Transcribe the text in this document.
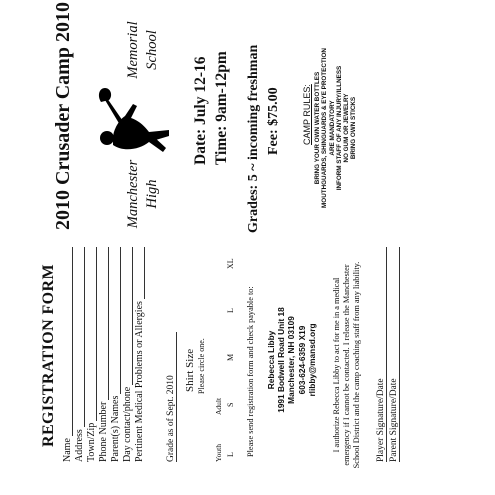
2010 Crusader Camp 2010	Manchester High
Memorial School
Date: July 12-16 Time: 9am-12pm Grades: 5 ~ incoming freshman Fee: $75.00 CAMP RULES: BRING YOUR OWN WATER BOTTLES MOUTHGUARDS, SHINGUARDS & EYE PROTECTION ARE MANDATORY INFORM STAFF OF ANY INJURY/ILLNESS NO GUM OR JEWELRY BRING OWN STICKS
REGISTRATION FORM
Name Address Town/Zip Phone Number Parent(s) Names Day contact/phone Pertinent Medical Problems or Allergies Grade as of Sept. 2010
Shirt Size Please circle one.
Youth
Adult
L
S
M
L
XL
Please send registration form and check payable to: Rebecca Libby 1991 Bodwell Road Unit 18 Manchester, NH 03109 603-624-6359 X19 rlibby@mansd.org I authorize Rebecca Libby to act for me in a medical emergency if I cannot be contacted. I release the Manchester School District and the camp coaching staff from any liability. Player Signature/Date Parent Signature/Date
